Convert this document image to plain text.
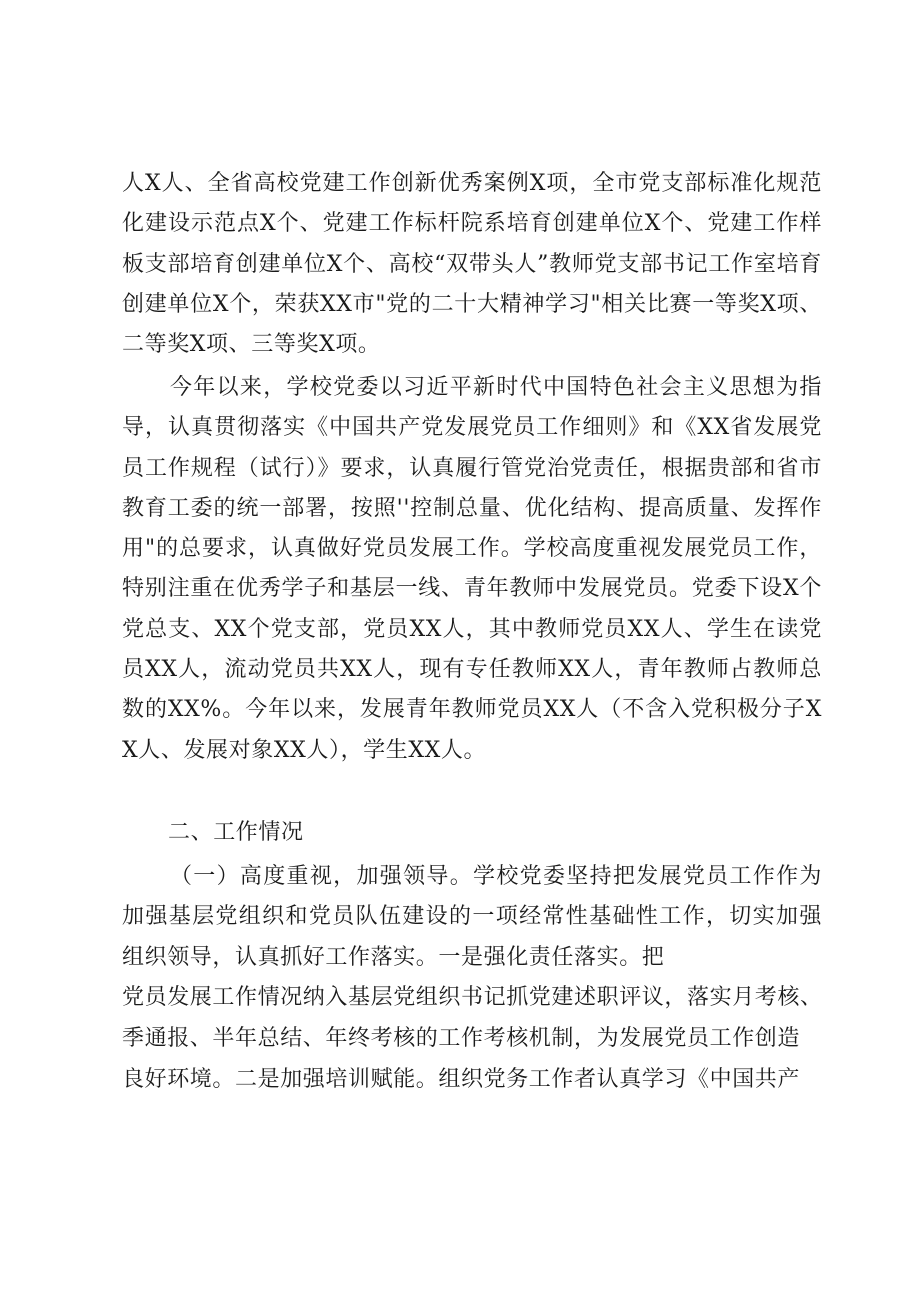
人X人、全省高校党建工作创新优秀案例X项，全市党支部标准化规范化建设示范点X个、党建工作标杆院系培育创建单位X个、党建工作样板支部培育创建单位X个、高校“双带头人”教师党支部书记工作室培育创建单位X个，荣获XX市"党的二十大精神学习"相关比赛一等奖X项、二等奖X项、三等奖X项。

今年以来，学校党委以习近平新时代中国特色社会主义思想为指导，认真贯彻落实《中国共产党发展党员工作细则》和《XX省发展党员工作规程（试行）》要求，认真履行管党治党责任，根据贵部和省市教育工委的统一部署，按照''控制总量、优化结构、提高质量、发挥作用"的总要求，认真做好党员发展工作。学校高度重视发展党员工作，特别注重在优秀学子和基层一线、青年教师中发展党员。党委下设X个党总支、XX个党支部，党员XX人，其中教师党员XX人、学生在读党员XX人，流动党员共XX人，现有专任教师XX人，青年教师占教师总数的XX%。今年以来，发展青年教师党员XX人（不含入党积极分子XX人、发展对象XX人），学生XX人。

二、工作情况

（一）高度重视，加强领导。学校党委坚持把发展党员工作作为加强基层党组织和党员队伍建设的一项经常性基础性工作，切实加强组织领导，认真抓好工作落实。一是强化责任落实。把

党员发展工作情况纳入基层党组织书记抓党建述职评议，落实月考核、

季通报、半年总结、年终考核的工作考核机制，为发展党员工作创造

良好环境。二是加强培训赋能。组织党务工作者认真学习《中国共产
